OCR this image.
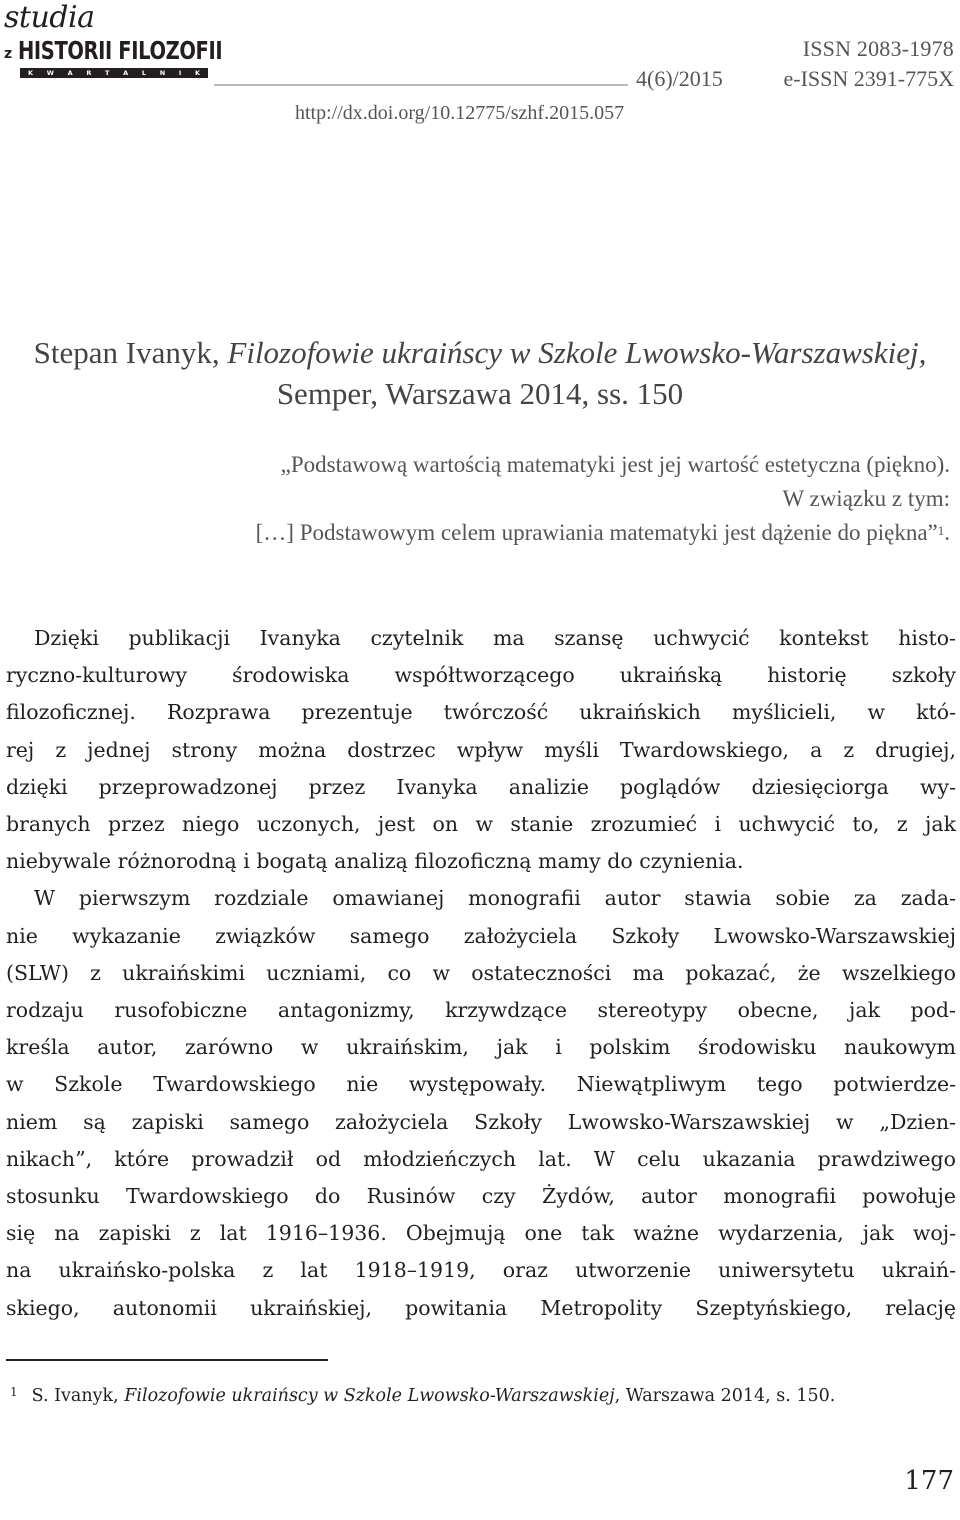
studia
z HISTORII FILOZOFII
K W A R T A L N I K
ISSN 2083-1978
4(6)/2015	e-ISSN 2391-775X
http://dx.doi.org/10.12775/szhf.2015.057
Stepan Ivanyk, Filozofowie ukraińscy w Szkole Lwowsko-Warszawskiej,
Semper, Warszawa 2014, ss. 150
„Podstawową wartością matematyki jest jej wartość estetyczna (piękno).
W związku z tym:
[…] Podstawowym celem uprawiania matematyki jest dążenie do piękna”$^1$.
Dzięki publikacji Ivanyka czytelnik ma szansę uchwycić kontekst histo-
ryczno-kulturowy środowiska współtworzącego ukraińską historię szkoły
filozoficznej. Rozprawa prezentuje twórczość ukraińskich myślicieli, w któ-
rej z jednej strony można dostrzec wpływ myśli Twardowskiego, a z drugiej,
dzięki przeprowadzonej przez Ivanyka analizie poglądów dziesięciorga wy-
branych przez niego uczonych, jest on w stanie zrozumieć i uchwycić to, z jak
niebywale różnorodną i bogatą analizą filozoficzną mamy do czynienia.
W pierwszym rozdziale omawianej monografii autor stawia sobie za zada-
nie wykazanie związków samego założyciela Szkoły Lwowsko-Warszawskiej
(SLW) z ukraińskimi uczniami, co w ostateczności ma pokazać, że wszelkiego
rodzaju rusofobiczne antagonizmy, krzywdzące stereotypy obecne, jak pod-
kreśla autor, zarówno w ukraińskim, jak i polskim środowisku naukowym
w Szkole Twardowskiego nie występowały. Niewątpliwym tego potwierdze-
niem są zapiski samego założyciela Szkoły Lwowsko-Warszawskiej w „Dzien-
nikach”, które prowadził od młodzieńczych lat. W celu ukazania prawdziwego
stosunku Twardowskiego do Rusinów czy Żydów, autor monografii powołuje
się na zapiski z lat 1916–1936. Obejmują one tak ważne wydarzenia, jak woj-
na ukraińsko-polska z lat 1918–1919, oraz utworzenie uniwersytetu ukraiń-
skiego, autonomii ukraińskiej, powitania Metropolity Szeptyńskiego, relację
$^1$ S. Ivanyk, Filozofowie ukraińscy w Szkole Lwowsko-Warszawskiej, Warszawa 2014, s. 150.
177
